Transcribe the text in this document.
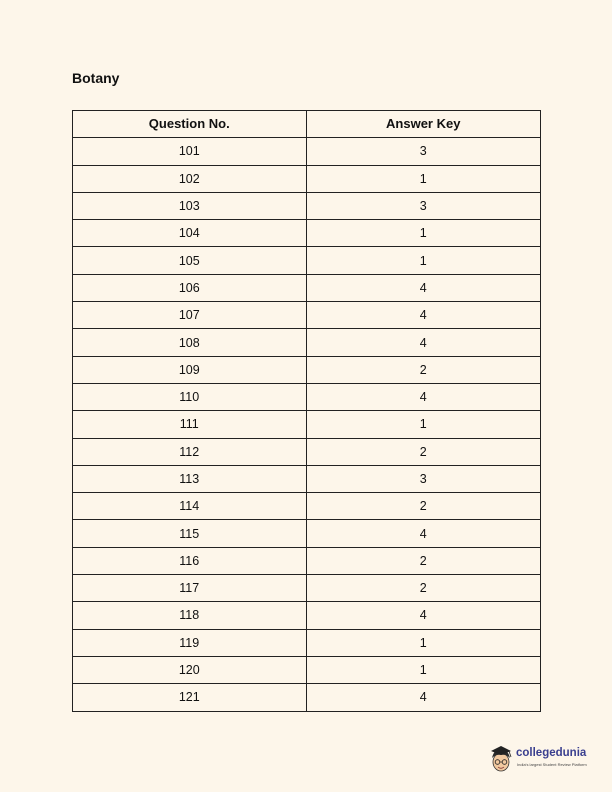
Botany
Question No.	Answer Key
101	3
102	1
103	3
104	1
105	1
106	4
107	4
108	4
109	2
110	4
111	1
112	2
113	3
114	2
115	4
116	2
117	2
118	4
119	1
120	1
121	4
collegedunia
India's largest Student Review Platform
